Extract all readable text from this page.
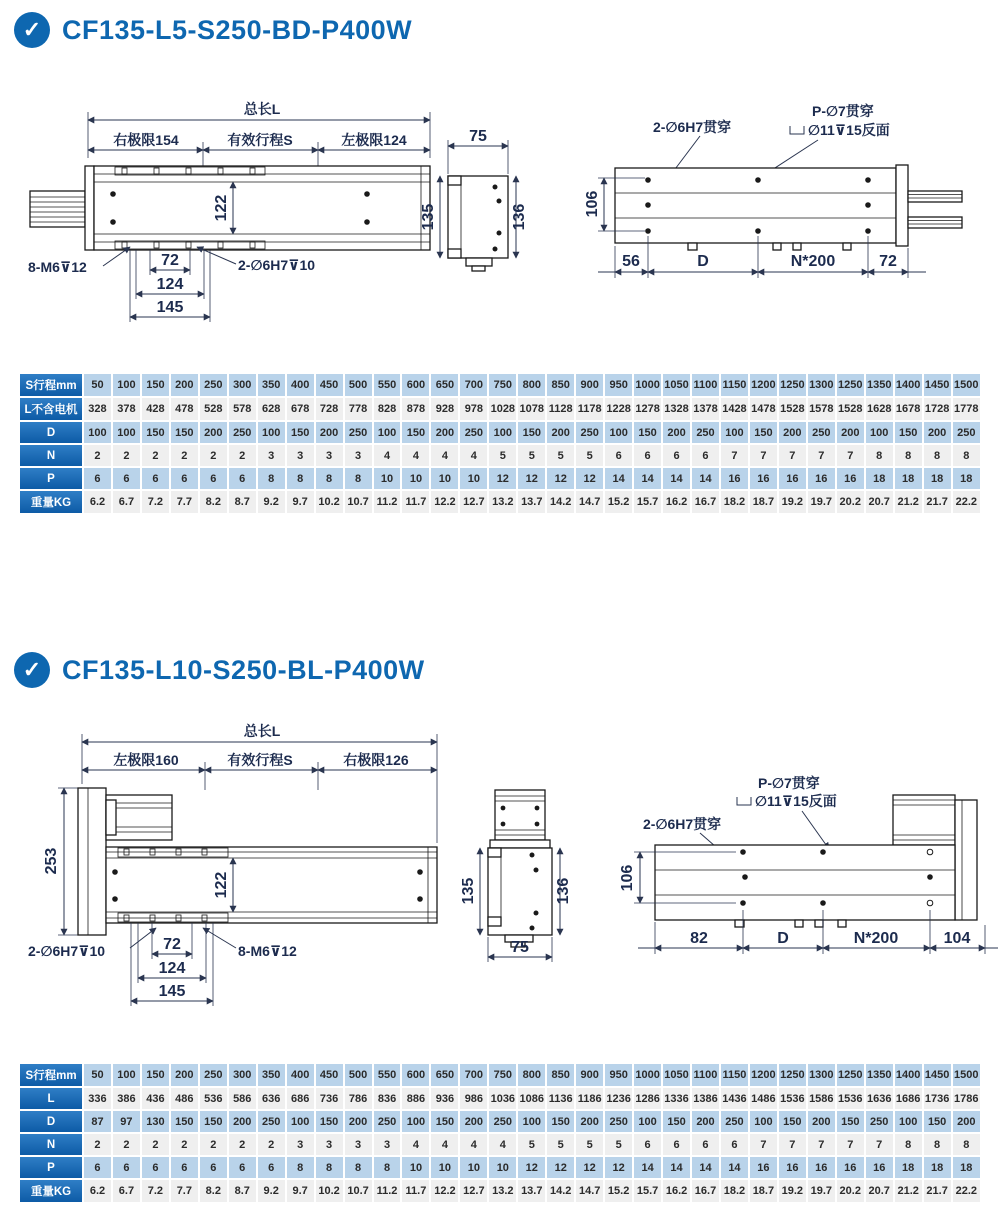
✓ CF135-L5-S250-BD-P400W
总长L
右极限154	有效行程S	左极限124
122
72
124
145
8-M6⊽12	2-∅6H7⊽10
75
135	136
2-∅6H7贯穿
P-∅7贯穿
∅11⊽15反面
106
56	D	N*200	72
S行程mm	50	100	150	200	250	300	350	400	450	500	550	600	650	700	750	800	850	900	950	1000	1050	1100	1150	1200	1250	1300	1250	1350	1400	1450	1500
L不含电机	328	378	428	478	528	578	628	678	728	778	828	878	928	978	1028	1078	1128	1178	1228	1278	1328	1378	1428	1478	1528	1578	1528	1628	1678	1728	1778
D	100	100	150	150	200	250	100	150	200	250	100	150	200	250	100	150	200	250	100	150	200	250	100	150	200	250	200	100	150	200	250
N	2	2	2	2	2	2	3	3	3	3	4	4	4	4	5	5	5	5	6	6	6	6	7	7	7	7	7	8	8	8	8
P	6	6	6	6	6	6	8	8	8	8	10	10	10	10	12	12	12	12	14	14	14	14	16	16	16	16	16	18	18	18	18
重量KG	6.2	6.7	7.2	7.7	8.2	8.7	9.2	9.7	10.2	10.7	11.2	11.7	12.2	12.7	13.2	13.7	14.2	14.7	15.2	15.7	16.2	16.7	18.2	18.7	19.2	19.7	20.2	20.7	21.2	21.7	22.2
✓ CF135-L10-S250-BL-P400W
总长L
左极限160	有效行程S	右极限126
253
122
72
124
145
2-∅6H7⊽10	8-M6⊽12
135	136
75
P-∅7贯穿
∅11⊽15反面
2-∅6H7贯穿
106
82	D	N*200	104
S行程mm	50	100	150	200	250	300	350	400	450	500	550	600	650	700	750	800	850	900	950	1000	1050	1100	1150	1200	1250	1300	1250	1350	1400	1450	1500
L	336	386	436	486	536	586	636	686	736	786	836	886	936	986	1036	1086	1136	1186	1236	1286	1336	1386	1436	1486	1536	1586	1536	1636	1686	1736	1786
D	87	97	130	150	150	200	250	100	150	200	250	100	150	200	250	100	150	200	250	100	150	200	250	100	150	200	150	250	100	150	200
N	2	2	2	2	2	2	2	3	3	3	3	4	4	4	4	5	5	5	5	6	6	6	6	7	7	7	7	7	8	8	8
P	6	6	6	6	6	6	6	8	8	8	8	10	10	10	10	12	12	12	12	14	14	14	14	16	16	16	16	16	18	18	18
重量KG	6.2	6.7	7.2	7.7	8.2	8.7	9.2	9.7	10.2	10.7	11.2	11.7	12.2	12.7	13.2	13.7	14.2	14.7	15.2	15.7	16.2	16.7	18.2	18.7	19.2	19.7	20.2	20.7	21.2	21.7	22.2
